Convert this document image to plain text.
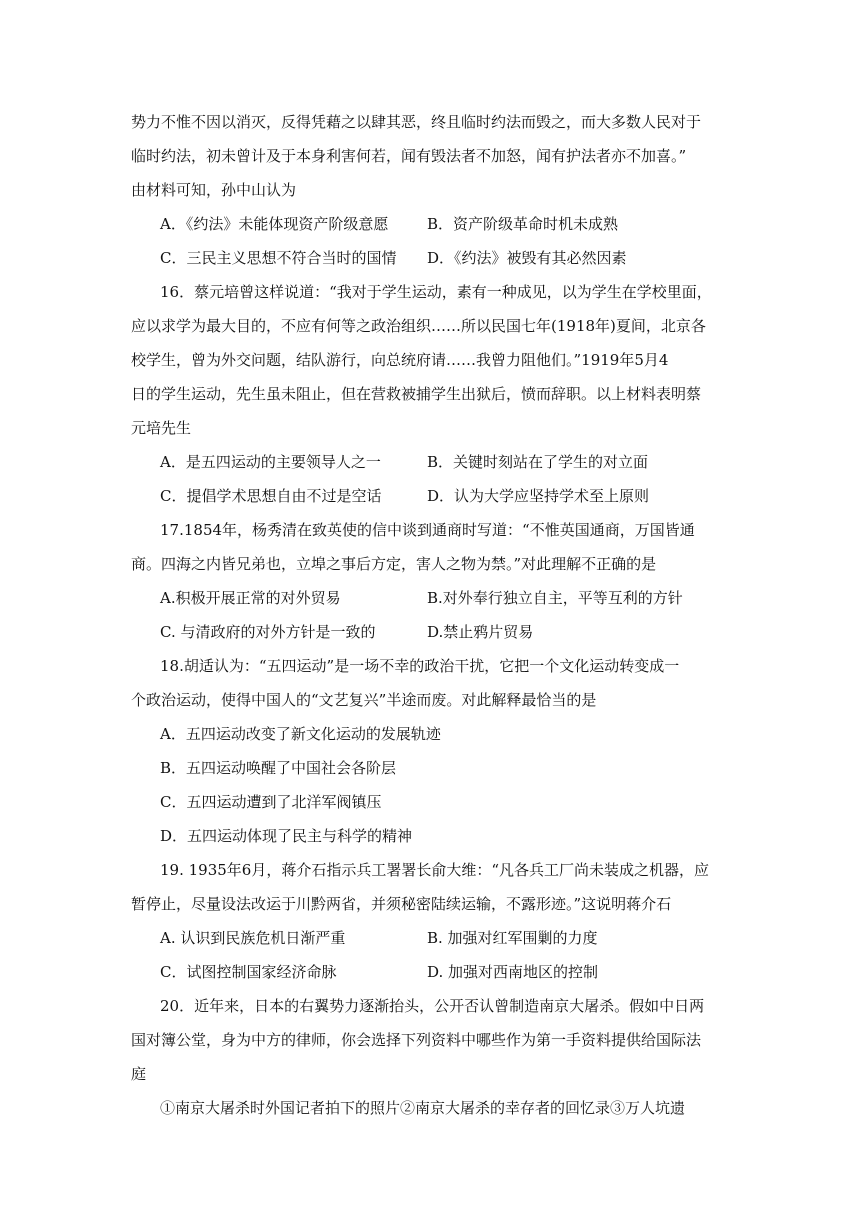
势力不惟不因以消灭，反得凭藉之以肆其恶，终且临时约法而毁之，而大多数人民对于
临时约法，初未曾计及于本身利害何若，闻有毁法者不加怒，闻有护法者亦不加喜。”
由材料可知，孙中山认为
A．《约法》未能体现资产阶级意愿	B．资产阶级革命时机未成熟
C．三民主义思想不符合当时的国情 D．《约法》被毁有其必然因素
16．蔡元培曾这样说道：“我对于学生运动，素有一种成见，以为学生在学校里面，
应以求学为最大目的，不应有何等之政治组织……所以民国七年(1918年)夏间，北京各
校学生，曾为外交问题，结队游行，向总统府请……我曾力阻他们。”1919年5月4
日的学生运动，先生虽未阻止，但在营救被捕学生出狱后，愤而辞职。以上材料表明蔡
元培先生
A．是五四运动的主要领导人之一	B．关键时刻站在了学生的对立面
C．提倡学术思想自由不过是空话	D．认为大学应坚持学术至上原则
17.1854年，杨秀清在致英使的信中谈到通商时写道：“不惟英国通商，万国皆通
商。四海之内皆兄弟也，立埠之事后方定，害人之物为禁。”对此理解不正确的是
A.积极开展正常的对外贸易	B.对外奉行独立自主，平等互利的方针
C. 与清政府的对外方针是一致的	D.禁止鸦片贸易
18.胡适认为：“五四运动”是一场不幸的政治干扰，它把一个文化运动转变成一
个政治运动，使得中国人的“文艺复兴”半途而废。对此解释最恰当的是
A．五四运动改变了新文化运动的发展轨迹
B．五四运动唤醒了中国社会各阶层
C．五四运动遭到了北洋军阀镇压
D．五四运动体现了民主与科学的精神
19. 1935年6月，蒋介石指示兵工署署长俞大维：“凡各兵工厂尚未装成之机器，应
暂停止，尽量设法改运于川黔两省，并须秘密陆续运输，不露形迹。”这说明蒋介石
A. 认识到民族危机日渐严重	B. 加强对红军围剿的力度
C．试图控制国家经济命脉	D. 加强对西南地区的控制
20．近年来，日本的右翼势力逐渐抬头，公开否认曾制造南京大屠杀。假如中日两
国对簿公堂，身为中方的律师，你会选择下列资料中哪些作为第一手资料提供给国际法
庭
①南京大屠杀时外国记者拍下的照片②南京大屠杀的幸存者的回忆录③万人坑遗
